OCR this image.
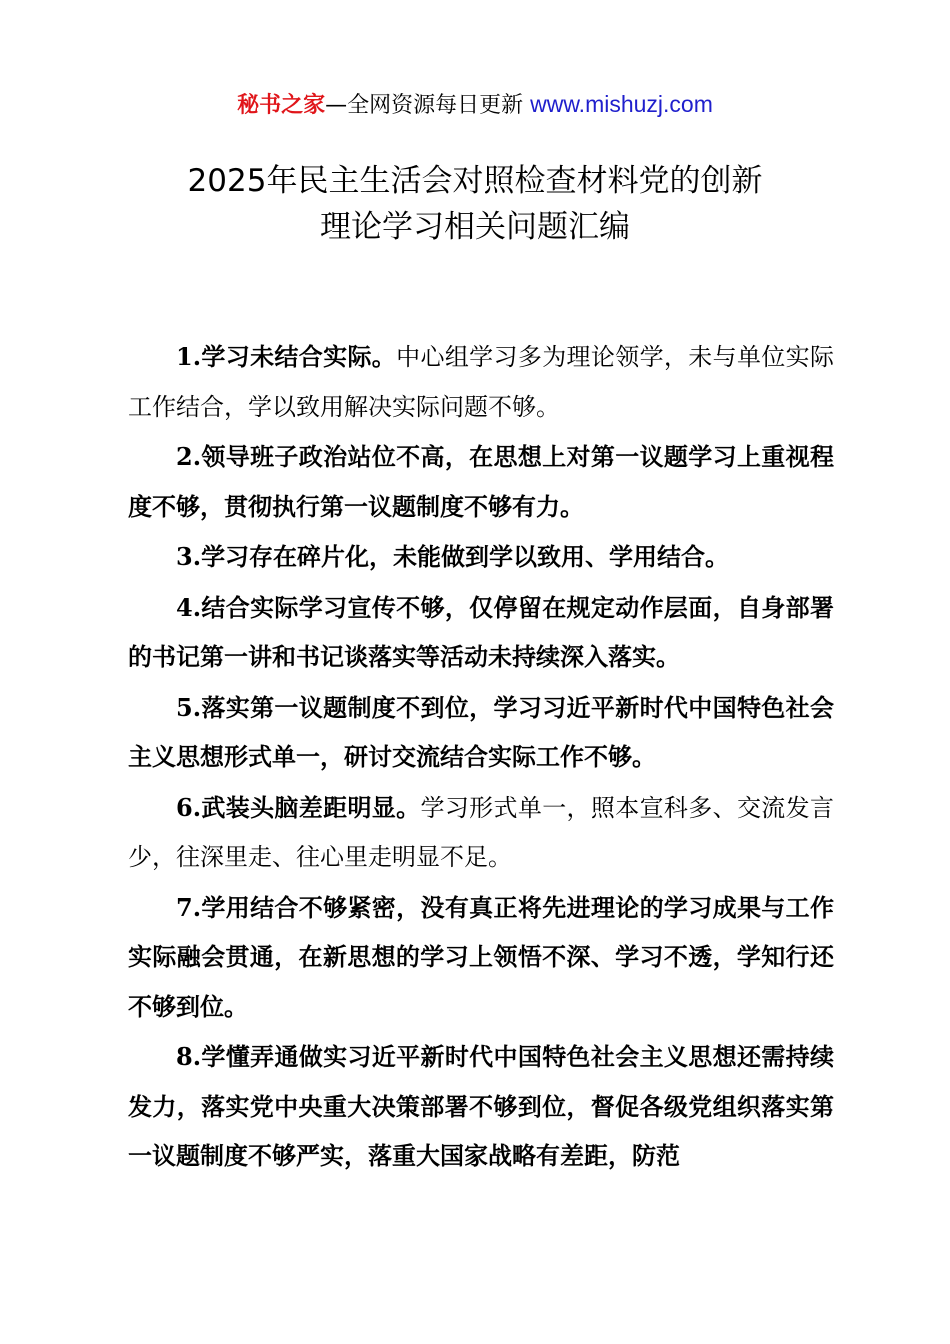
秘书之家—全网资源每日更新 www.mishuzj.com
2025年民主生活会对照检查材料党的创新
理论学习相关问题汇编

1.学习未结合实际。中心组学习多为理论领学，未与单位实际工作结合，学以致用解决实际问题不够。

2.领导班子政治站位不高，在思想上对第一议题学习上重视程度不够，贯彻执行第一议题制度不够有力。

3.学习存在碎片化，未能做到学以致用、学用结合。

4.结合实际学习宣传不够，仅停留在规定动作层面，自身部署的书记第一讲和书记谈落实等活动未持续深入落实。

5.落实第一议题制度不到位，学习习近平新时代中国特色社会主义思想形式单一，研讨交流结合实际工作不够。

6.武装头脑差距明显。学习形式单一，照本宣科多、交流发言少，往深里走、往心里走明显不足。

7.学用结合不够紧密，没有真正将先进理论的学习成果与工作实际融会贯通，在新思想的学习上领悟不深、学习不透，学知行还不够到位。

8.学懂弄通做实习近平新时代中国特色社会主义思想还需持续发力，落实党中央重大决策部署不够到位，督促各级党组织落实第一议题制度不够严实，落重大国家战略有差距，防范
